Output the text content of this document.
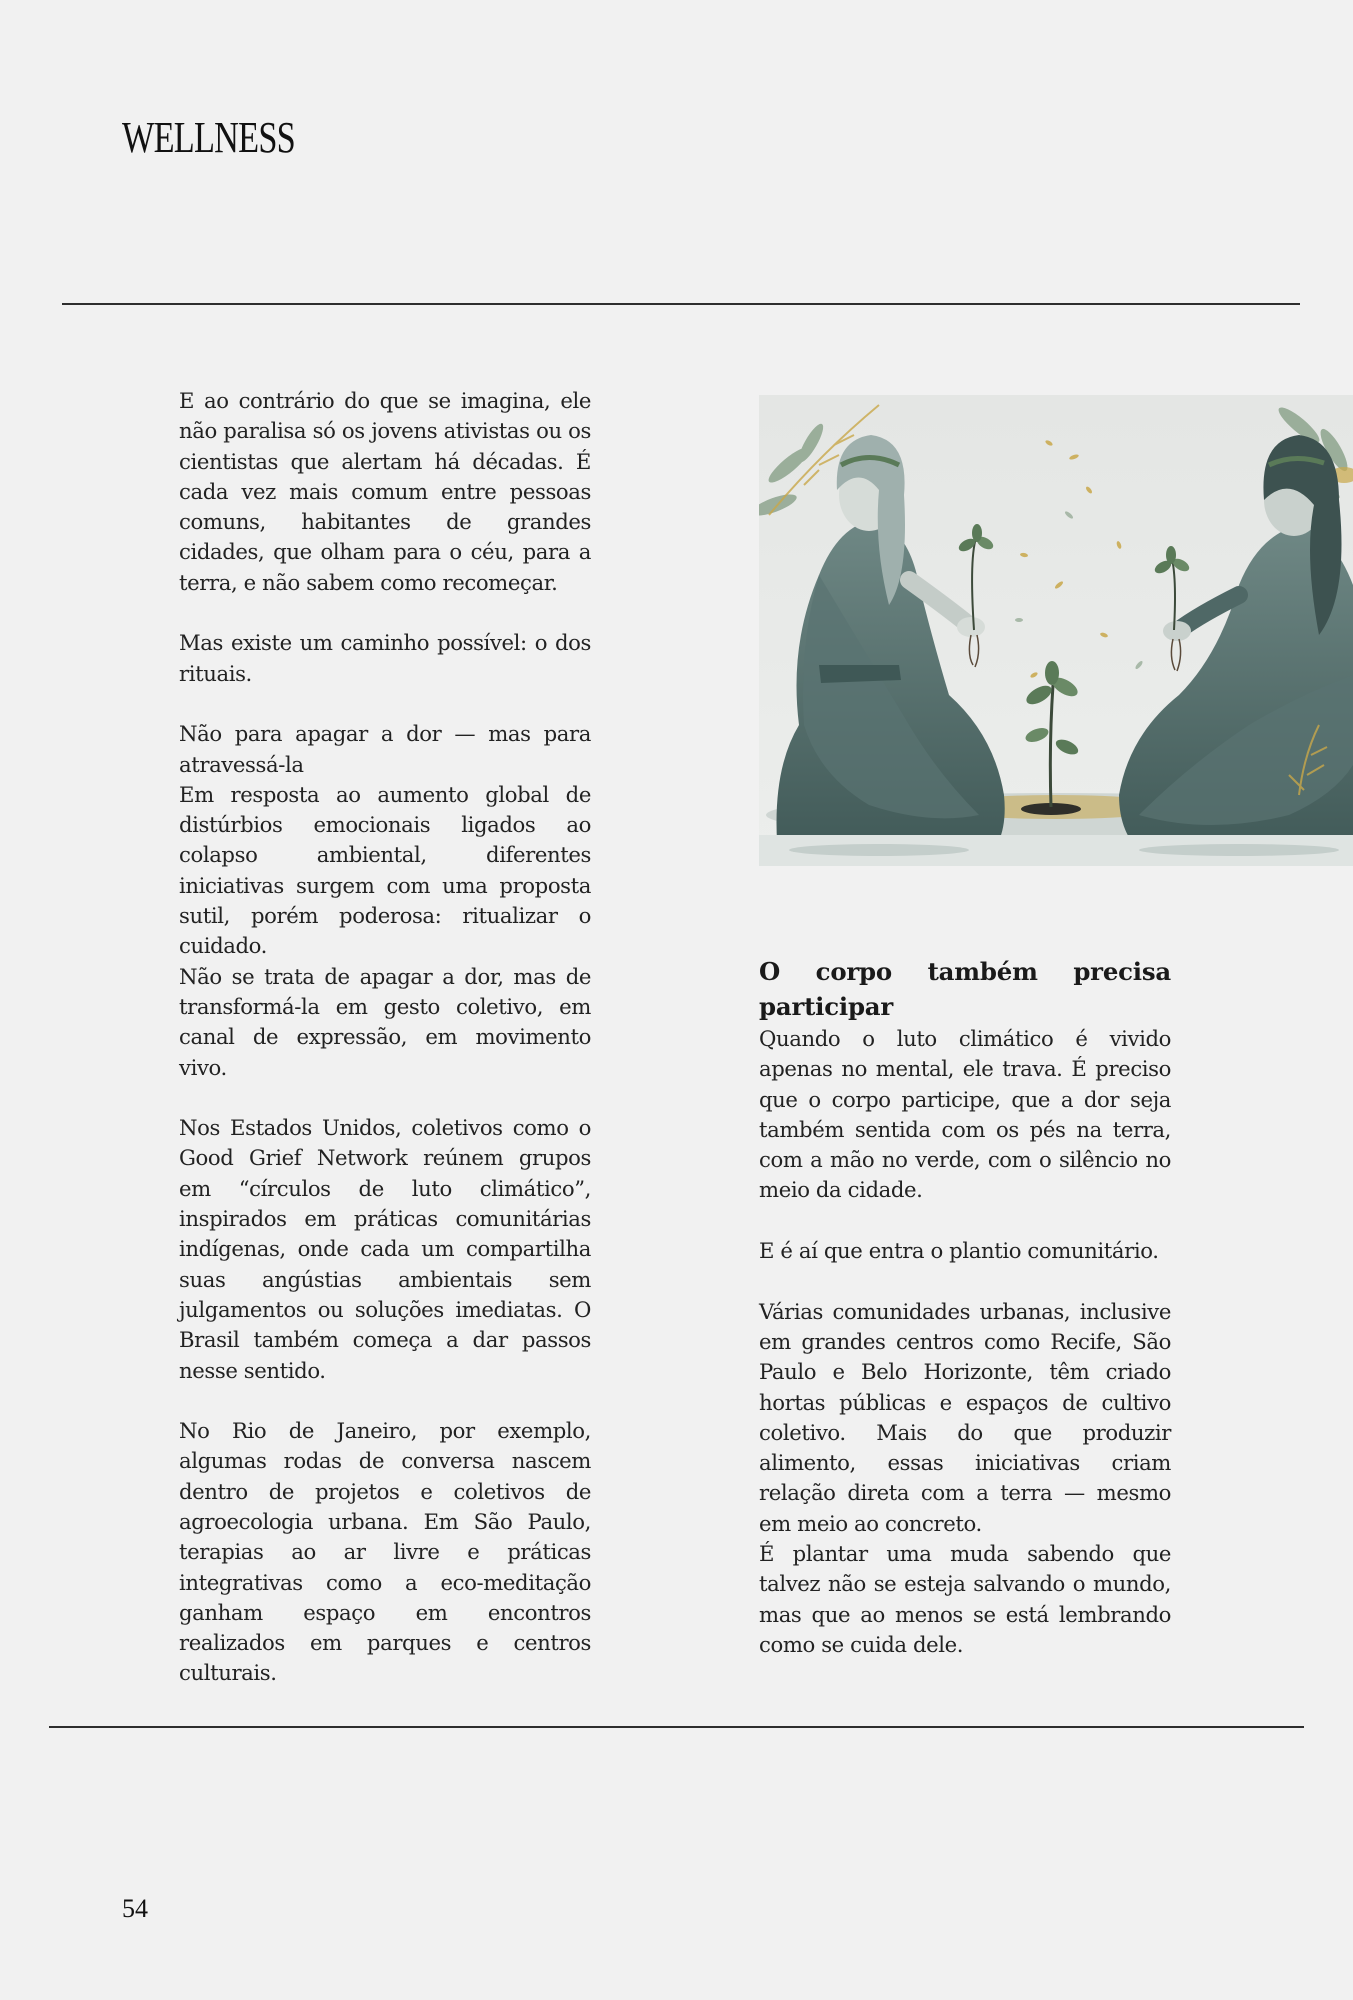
WELLNESS

E ao contrário do que se imagina, ele não paralisa só os jovens ativistas ou os cientistas que alertam há décadas. É cada vez mais comum entre pessoas comuns, habitantes de grandes cidades, que olham para o céu, para a terra, e não sabem como recomeçar.

Mas existe um caminho possível: o dos rituais.

Não para apagar a dor — mas para atravessá-la

Em resposta ao aumento global de distúrbios emocionais ligados ao colapso ambiental, diferentes iniciativas surgem com uma proposta sutil, porém poderosa: ritualizar o cuidado.

Não se trata de apagar a dor, mas de transformá-la em gesto coletivo, em canal de expressão, em movimento vivo.

Nos Estados Unidos, coletivos como o Good Grief Network reúnem grupos em “círculos de luto climático”, inspirados em práticas comunitárias indígenas, onde cada um compartilha suas angústias ambientais sem julgamentos ou soluções imediatas. O Brasil também começa a dar passos nesse sentido.

No Rio de Janeiro, por exemplo, algumas rodas de conversa nascem dentro de projetos e coletivos de agroecologia urbana. Em São Paulo, terapias ao ar livre e práticas integrativas como a eco-meditação ganham espaço em encontros realizados em parques e centros culturais.

O corpo também precisa participar

Quando o luto climático é vivido apenas no mental, ele trava. É preciso que o corpo participe, que a dor seja também sentida com os pés na terra, com a mão no verde, com o silêncio no meio da cidade.

E é aí que entra o plantio comunitário.

Várias comunidades urbanas, inclusive em grandes centros como Recife, São Paulo e Belo Horizonte, têm criado hortas públicas e espaços de cultivo coletivo. Mais do que produzir alimento, essas iniciativas criam relação direta com a terra — mesmo em meio ao concreto.

É plantar uma muda sabendo que talvez não se esteja salvando o mundo, mas que ao menos se está lembrando como se cuida dele.

54
